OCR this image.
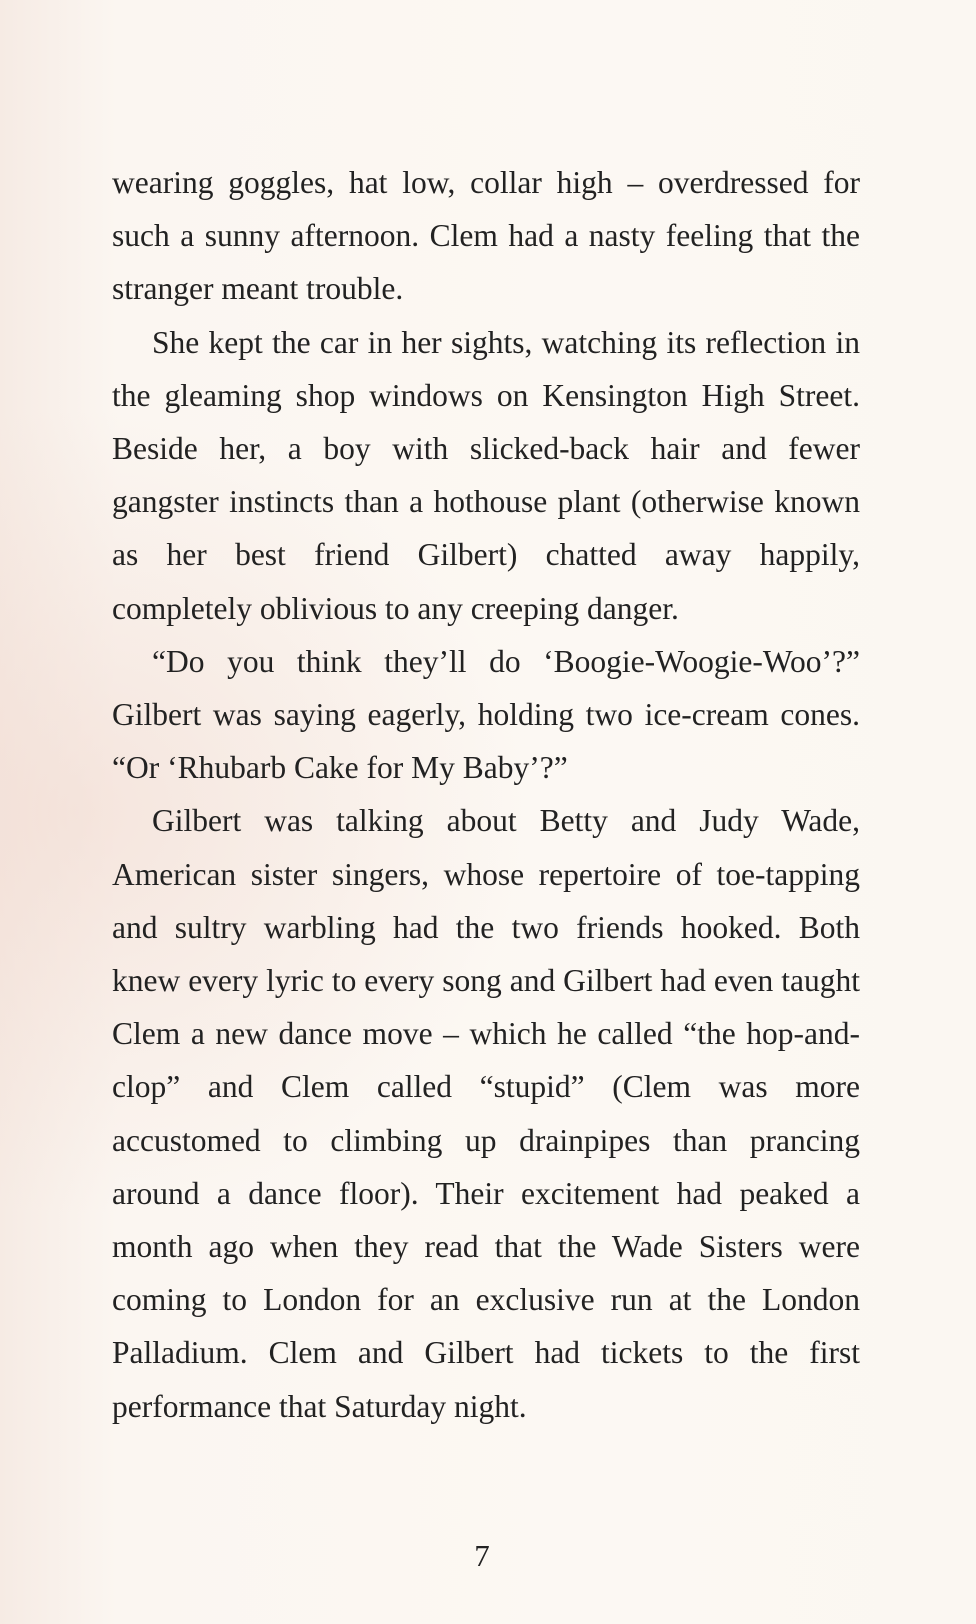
wearing goggles, hat low, collar high – overdressed for such a sunny afternoon. Clem had a nasty feeling that the stranger meant trouble.

She kept the car in her sights, watching its reflection in the gleaming shop windows on Kensington High Street. Beside her, a boy with slicked-back hair and fewer gangster instincts than a hothouse plant (otherwise known as her best friend Gilbert) chatted away happily, completely oblivious to any creeping danger.

“Do you think they’ll do ‘Boogie-Woogie-Woo’?” Gilbert was saying eagerly, holding two ice-cream cones. “Or ‘Rhubarb Cake for My Baby’?”

Gilbert was talking about Betty and Judy Wade, American sister singers, whose repertoire of toe-tapping and sultry warbling had the two friends hooked. Both knew every lyric to every song and Gilbert had even taught Clem a new dance move – which he called “the hop-and-clop” and Clem called “stupid” (Clem was more accustomed to climbing up drainpipes than prancing around a dance floor). Their excitement had peaked a month ago when they read that the Wade Sisters were coming to London for an exclusive run at the London Palladium. Clem and Gilbert had tickets to the first performance that Saturday night.

7
